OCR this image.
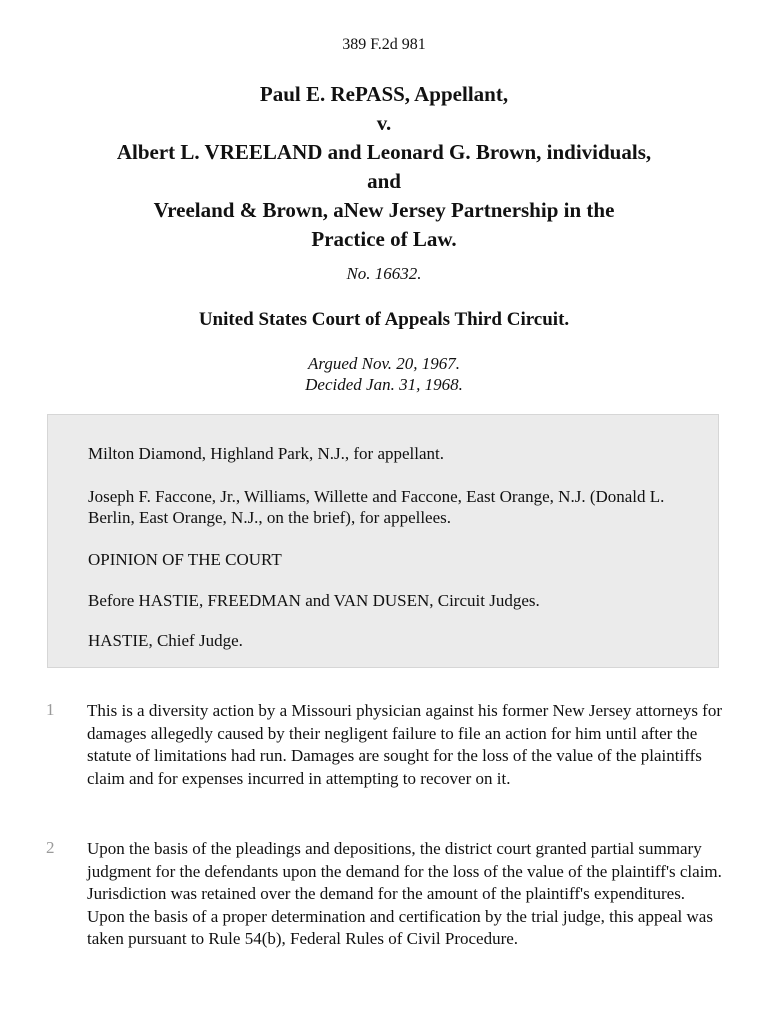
389 F.2d 981
Paul E. RePASS, Appellant,
v.
Albert L. VREELAND and Leonard G. Brown, individuals,
and
Vreeland & Brown, aNew Jersey Partnership in the
Practice of Law.
No. 16632.
United States Court of Appeals Third Circuit.
Argued Nov. 20, 1967.
Decided Jan. 31, 1968.

Milton Diamond, Highland Park, N.J., for appellant.

Joseph F. Faccone, Jr., Williams, Willette and Faccone, East Orange, N.J. (Donald L. Berlin, East Orange, N.J., on the brief), for appellees.

OPINION OF THE COURT

Before HASTIE, FREEDMAN and VAN DUSEN, Circuit Judges.

HASTIE, Chief Judge.

1 This is a diversity action by a Missouri physician against his former New Jersey attorneys for damages allegedly caused by their negligent failure to file an action for him until after the statute of limitations had run. Damages are sought for the loss of the value of the plaintiffs claim and for expenses incurred in attempting to recover on it.

2 Upon the basis of the pleadings and depositions, the district court granted partial summary judgment for the defendants upon the demand for the loss of the value of the plaintiff's claim. Jurisdiction was retained over the demand for the amount of the plaintiff's expenditures. Upon the basis of a proper determination and certification by the trial judge, this appeal was taken pursuant to Rule 54(b), Federal Rules of Civil Procedure.
